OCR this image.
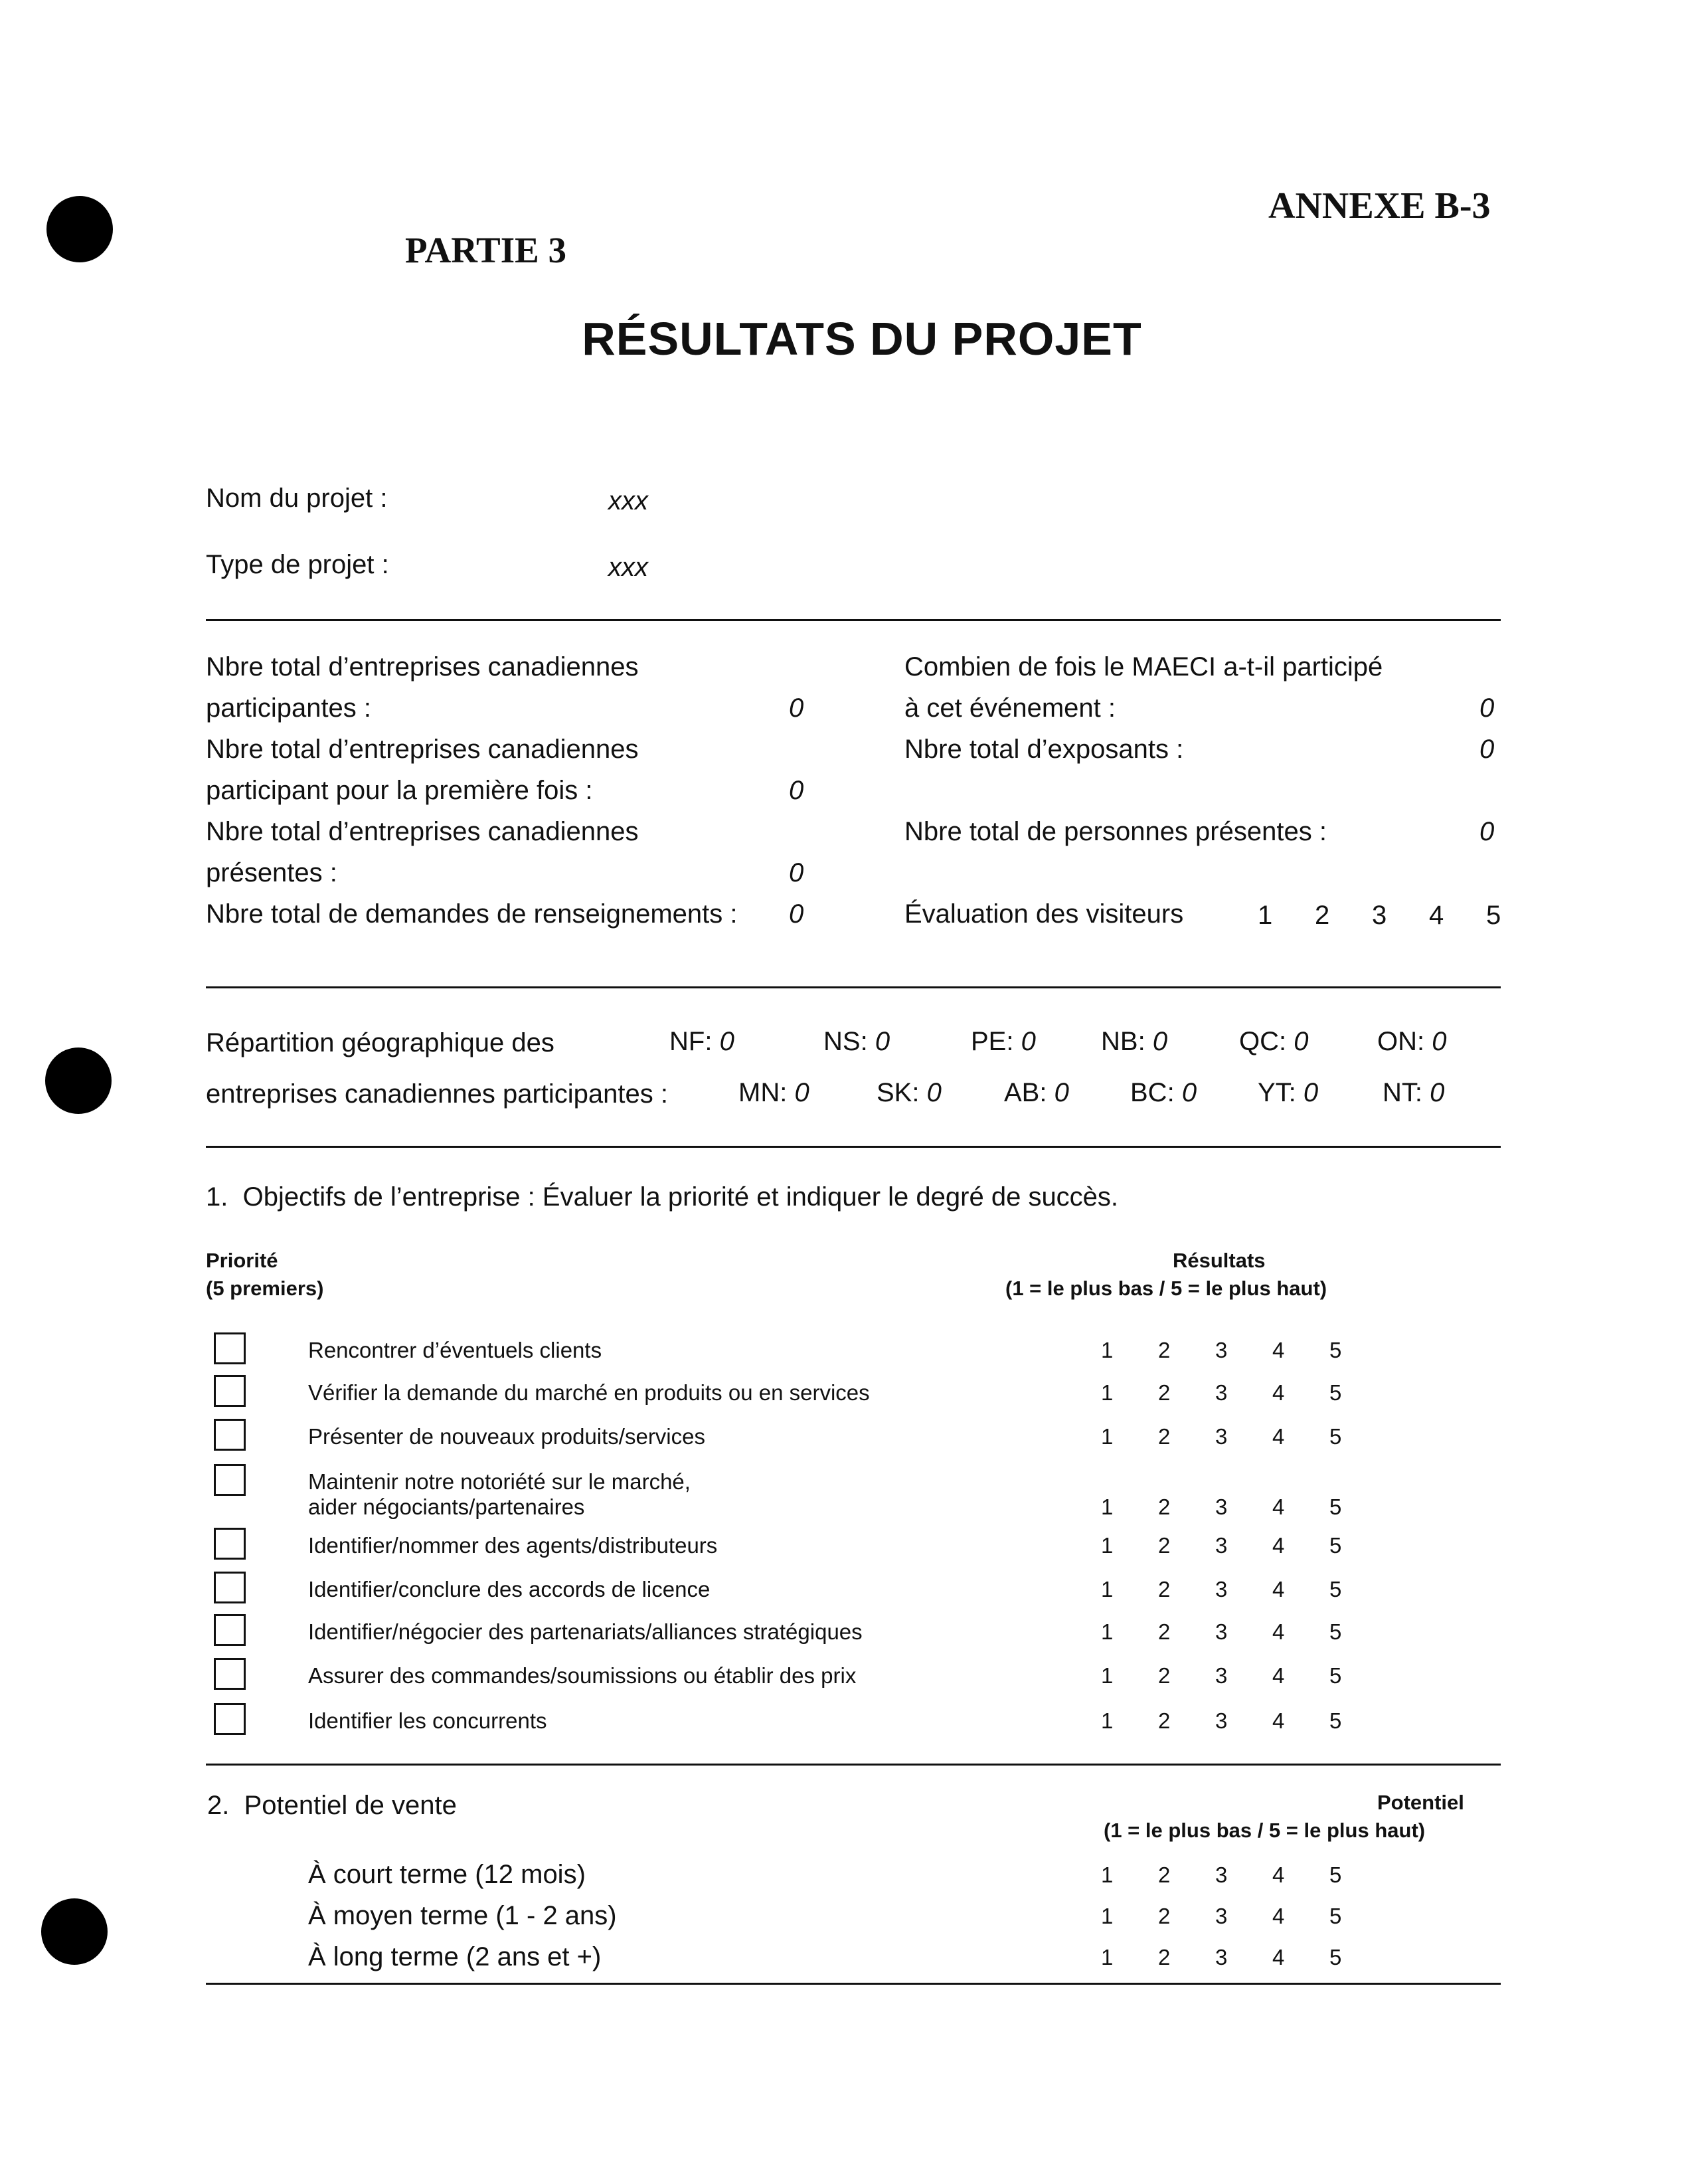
ANNEXE B-3
PARTIE 3
RÉSULTATS DU PROJET
Nom du projet :	xxx
Type de projet :	xxx
Nbre total d’entreprises canadiennes
participantes :	0
Nbre total d’entreprises canadiennes
participant pour la première fois :	0
Nbre total d’entreprises canadiennes
présentes :	0
Nbre total de demandes de renseignements : 0
Combien de fois le MAECI a-t-il participé
à cet événement :	0
Nbre total d’exposants :	0
Nbre total de personnes présentes :	0
Évaluation des visiteurs	1	2	3	4	5
Répartition géographique des
entreprises canadiennes participantes :
NF: 0	NS: 0	PE: 0 NB: 0	QC: 0	ON: 0
MN: 0	SK: 0 AB: 0 BC: 0 YT: 0 NT: 0
1.  Objectifs de l’entreprise : Évaluer la priorité et indiquer le degré de succès.
Priorité
(5 premiers)
Résultats
(1 = le plus bas / 5 = le plus haut)
Rencontrer d’éventuels clients	1	2	3	4	5
Vérifier la demande du marché en produits ou en services	1	2	3	4	5
Présenter de nouveaux produits/services	1	2	3	4	5
Maintenir notre notoriété sur le marché,
aider négociants/partenaires	1	2	3	4	5
Identifier/nommer des agents/distributeurs	1	2	3	4	5
Identifier/conclure des accords de licence	1	2	3	4	5
Identifier/négocier des partenariats/alliances stratégiques	1	2	3	4	5
Assurer des commandes/soumissions ou établir des prix	1	2	3	4	5
Identifier les concurrents	1	2	3	4	5
2.  Potentiel de vente	Potentiel
(1 = le plus bas / 5 = le plus haut)
À court terme (12 mois)	1	2	3	4	5
À moyen terme (1 - 2 ans)	1	2	3	4	5
À long terme (2 ans et +)	1	2	3	4	5
